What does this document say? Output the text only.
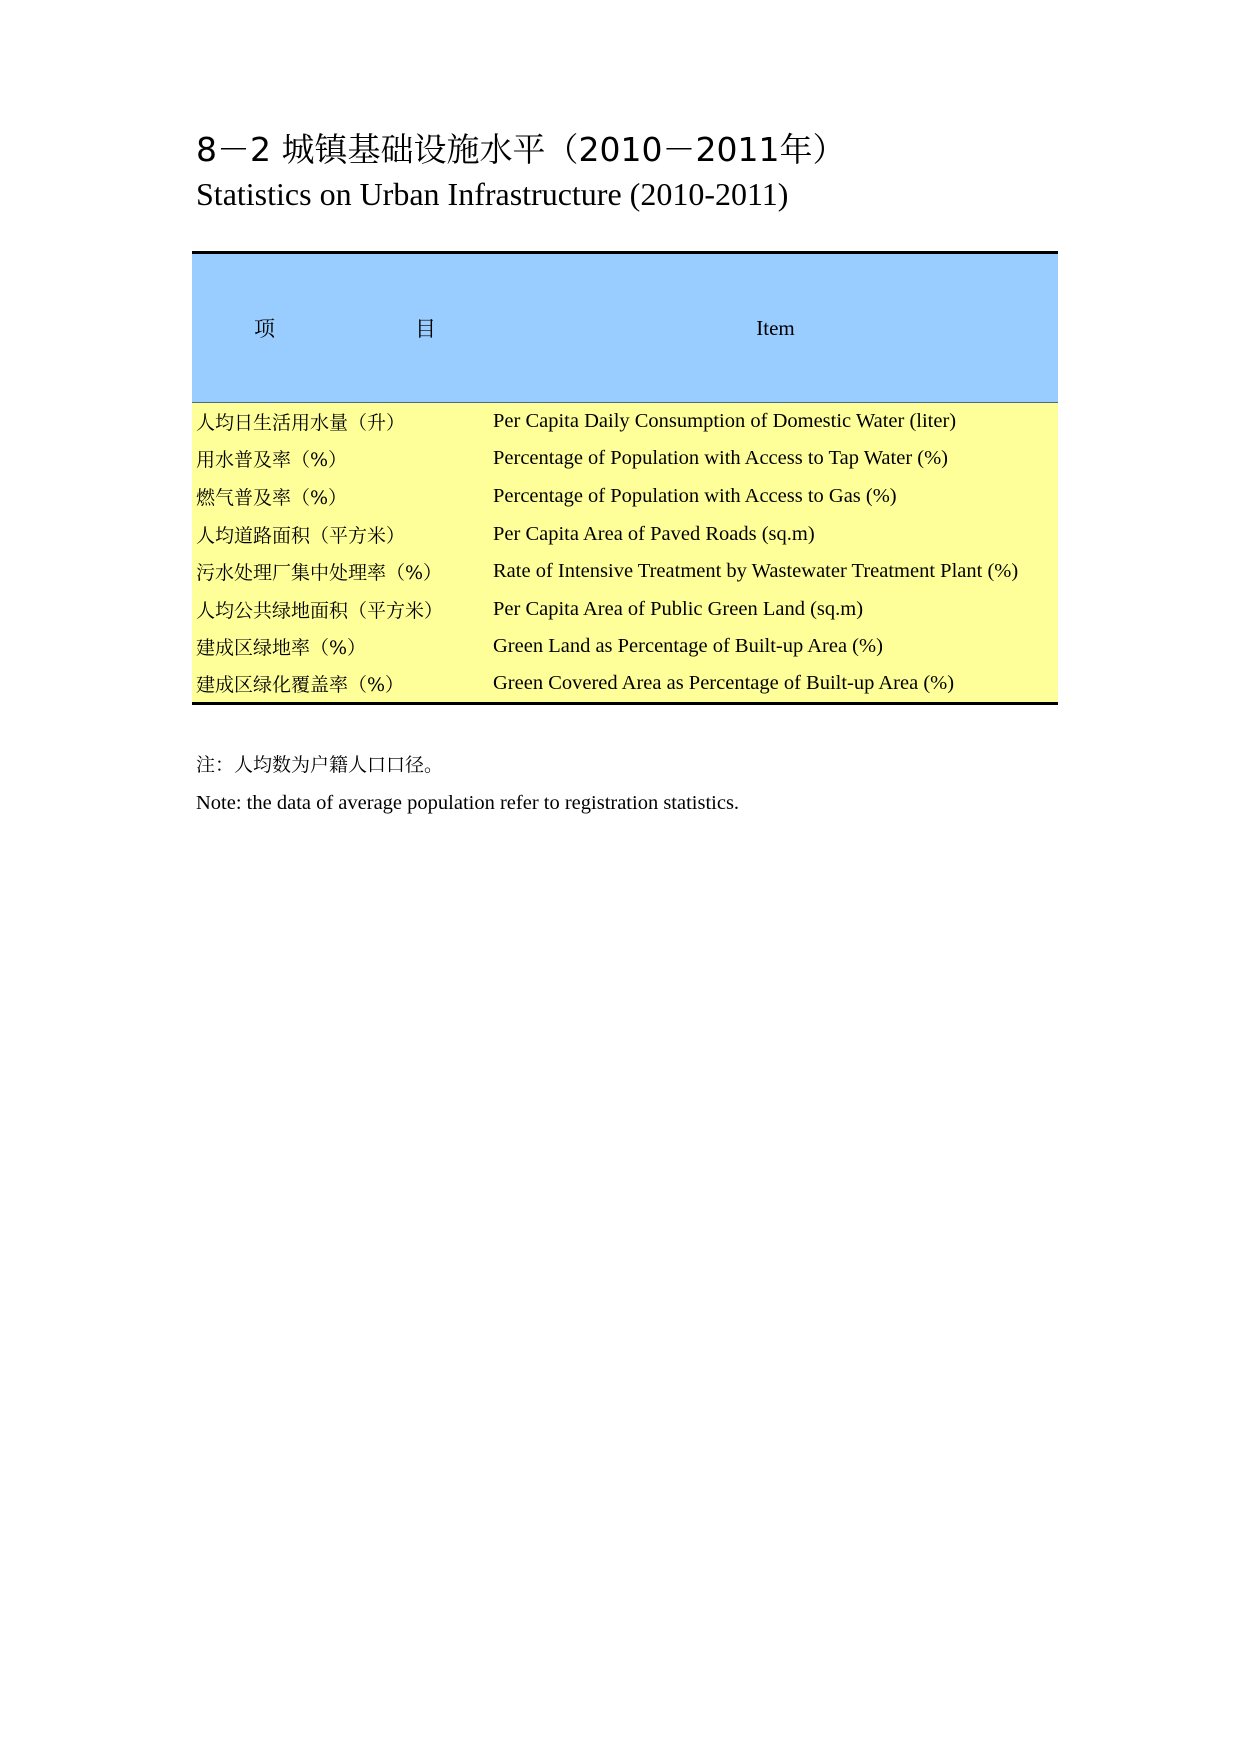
8－2 城镇基础设施水平（2010－2011年）
Statistics on Urban Infrastructure (2010-2011)
项 目	Item
人均日生活用水量（升）	Per Capita Daily Consumption of Domestic Water (liter)
用水普及率（%）	Percentage of Population with Access to Tap Water (%)
燃气普及率（%）	Percentage of Population with Access to Gas (%)
人均道路面积（平方米）	Per Capita Area of Paved Roads (sq.m)
污水处理厂集中处理率（%）	Rate of Intensive Treatment by Wastewater Treatment Plant (%)
人均公共绿地面积（平方米）	Per Capita Area of Public Green Land (sq.m)
建成区绿地率（%）	Green Land as Percentage of Built-up Area (%)
建成区绿化覆盖率（%）	Green Covered Area as Percentage of Built-up Area (%)
注：人均数为户籍人口口径。
Note: the data of average population refer to registration statistics.
